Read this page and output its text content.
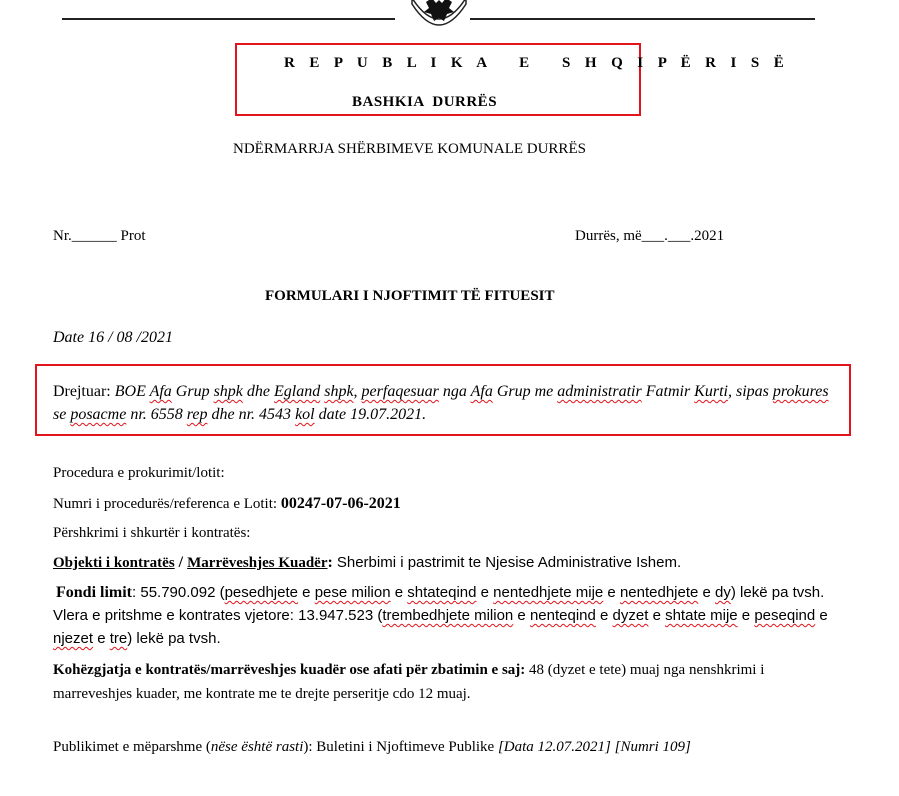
R E P U B L I K A   E   S H Q I P Ë R I S Ë
BASHKIA  DURRËS
NDËRMARRJA SHËRBIMEVE KOMUNALE DURRËS
Nr.______ Prot	Durrës, më___.___.2021
FORMULARI I NJOFTIMIT TË FITUESIT
Date 16 / 08 /2021
Drejtuar: BOE Afa Grup shpk dhe Egland shpk, perfaqesuar nga Afa Grup me administratir Fatmir Kurti, sipas prokures se posacme nr. 6558 rep dhe nr. 4543 kol date 19.07.2021.
Procedura e prokurimit/lotit:
Numri i procedurës/referenca e Lotit: 00247-07-06-2021
Përshkrimi i shkurtër i kontratës:
Objekti i kontratës / Marrëveshjes Kuadër: Sherbimi i pastrimit te Njesise Administrative Ishem.
Fondi limit: 55.790.092 (pesedhjete e pese milion e shtateqind e nentedhjete mije e nentedhjete e dy) lekë pa tvsh. Vlera e pritshme e kontrates vjetore: 13.947.523 (trembedhjete milion e nenteqind e dyzet e shtate mije e peseqind e njezet e tre) lekë pa tvsh.
Kohëzgjatja e kontratës/marrëveshjes kuadër ose afati për zbatimin e saj: 48 (dyzet e tete) muaj nga nenshkrimi i marreveshjes kuader, me kontrate me te drejte perseritje cdo 12 muaj.
Publikimet e mëparshme (nëse është rasti): Buletini i Njoftimeve Publike [Data 12.07.2021] [Numri 109]
